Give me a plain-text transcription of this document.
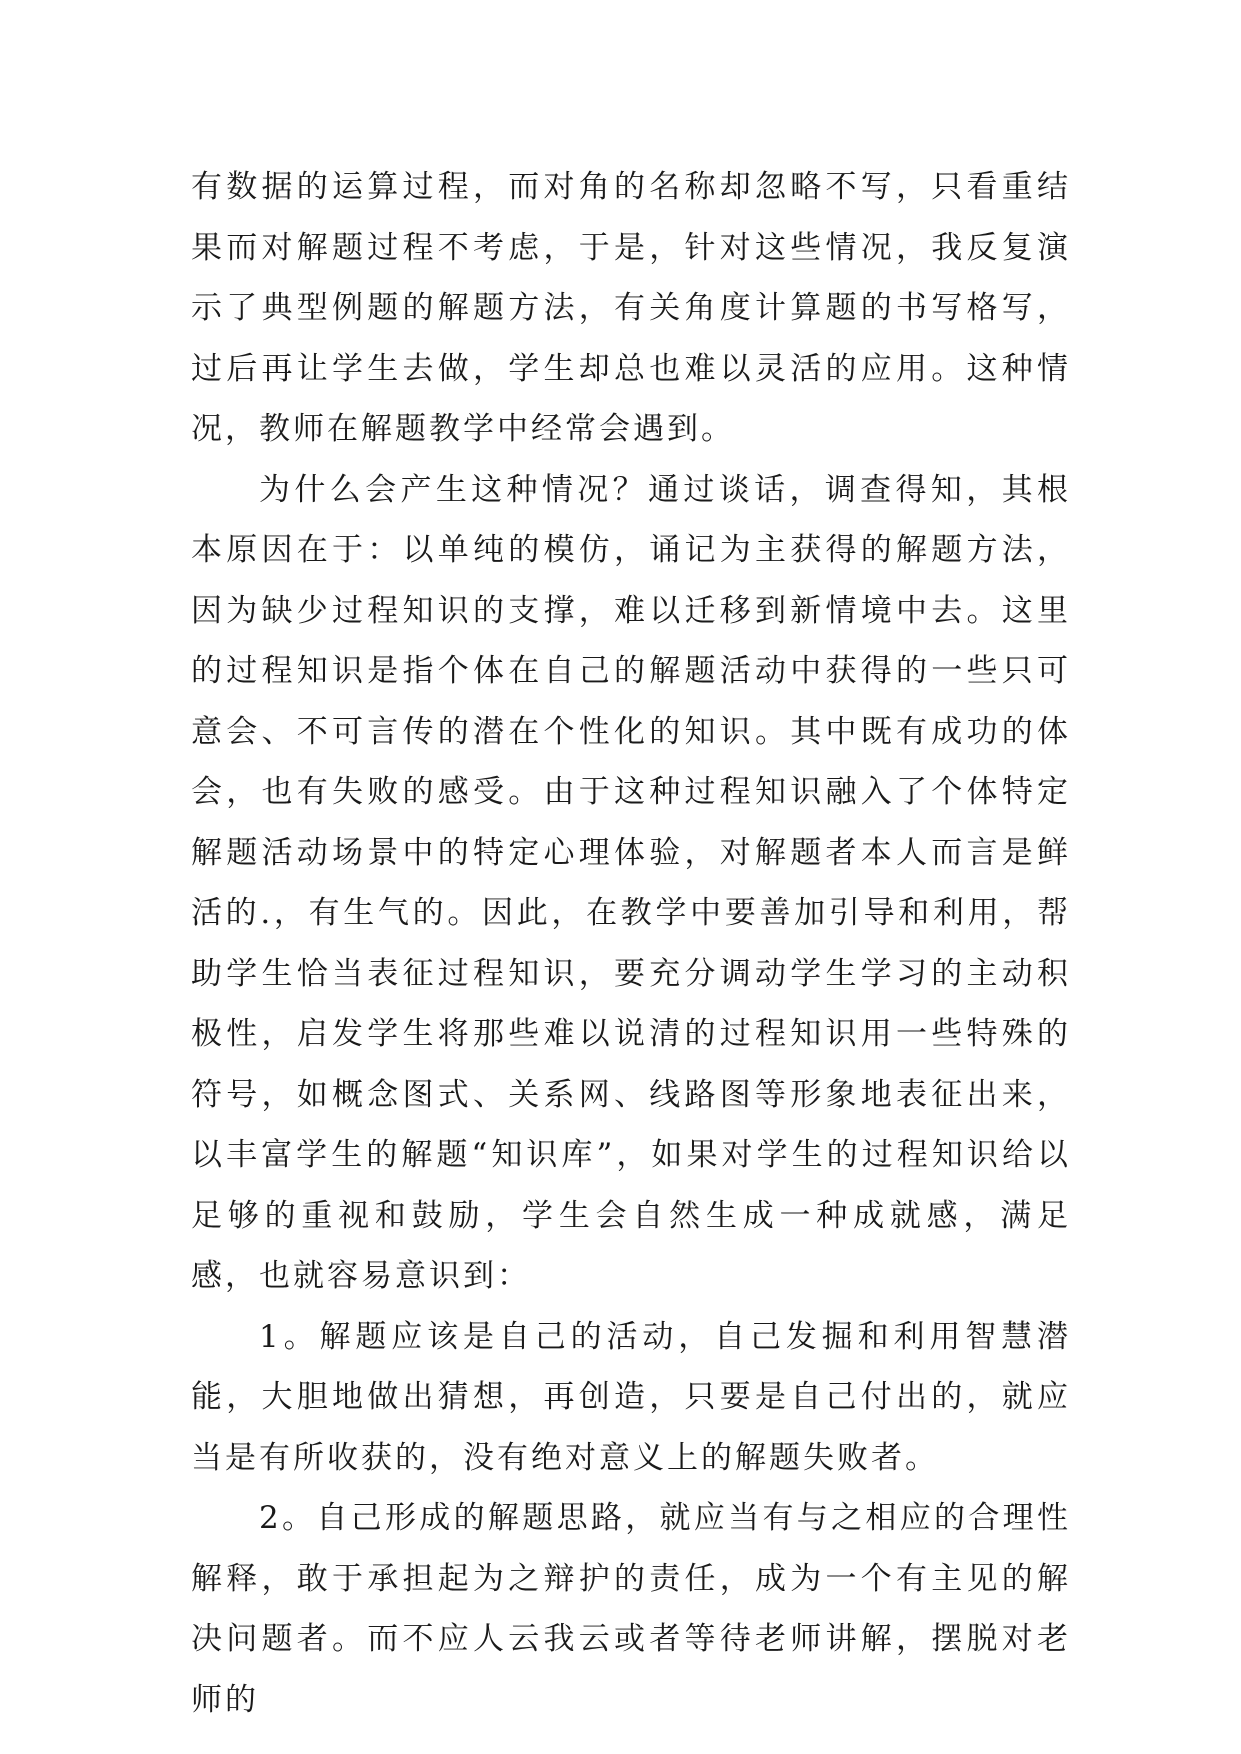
有数据的运算过程，而对角的名称却忽略不写，只看重结果而对解题过程不考虑，于是，针对这些情况，我反复演示了典型例题的解题方法，有关角度计算题的书写格写，过后再让学生去做，学生却总也难以灵活的应用。这种情况，教师在解题教学中经常会遇到。

为什么会产生这种情况？通过谈话，调查得知，其根本原因在于：以单纯的模仿，诵记为主获得的解题方法，因为缺少过程知识的支撑，难以迁移到新情境中去。这里的过程知识是指个体在自己的解题活动中获得的一些只可意会、不可言传的潜在个性化的知识。其中既有成功的体会，也有失败的感受。由于这种过程知识融入了个体特定解题活动场景中的特定心理体验，对解题者本人而言是鲜活的.，有生气的。因此，在教学中要善加引导和利用，帮助学生恰当表征过程知识，要充分调动学生学习的主动积极性，启发学生将那些难以说清的过程知识用一些特殊的符号，如概念图式、关系网、线路图等形象地表征出来，以丰富学生的解题“知识库”，如果对学生的过程知识给以足够的重视和鼓励，学生会自然生成一种成就感，满足感，也就容易意识到：

1。解题应该是自己的活动，自己发掘和利用智慧潜能，大胆地做出猜想，再创造，只要是自己付出的，就应当是有所收获的，没有绝对意义上的解题失败者。

2。自己形成的解题思路，就应当有与之相应的合理性解释，敢于承担起为之辩护的责任，成为一个有主见的解决问题者。而不应人云我云或者等待老师讲解，摆脱对老师的
